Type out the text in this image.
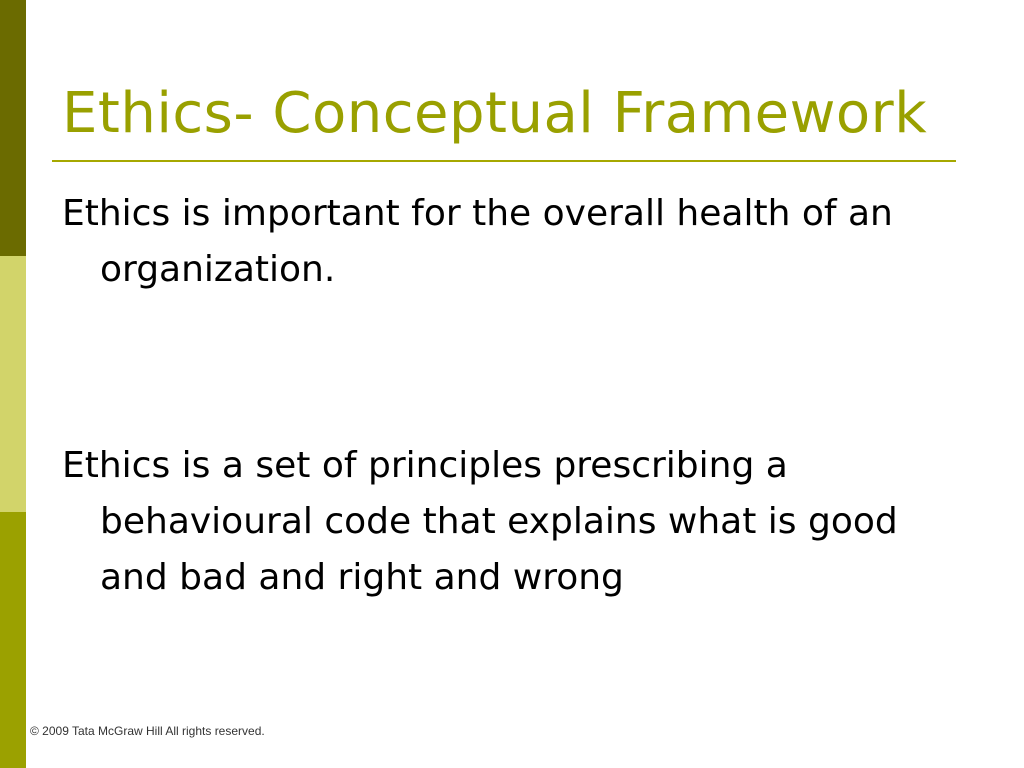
Ethics- Conceptual Framework

Ethics is important for the overall health of an organization.

Ethics is a set of principles prescribing a behavioural code that explains what is good and bad and right and wrong

© 2009 Tata McGraw Hill All rights reserved.
